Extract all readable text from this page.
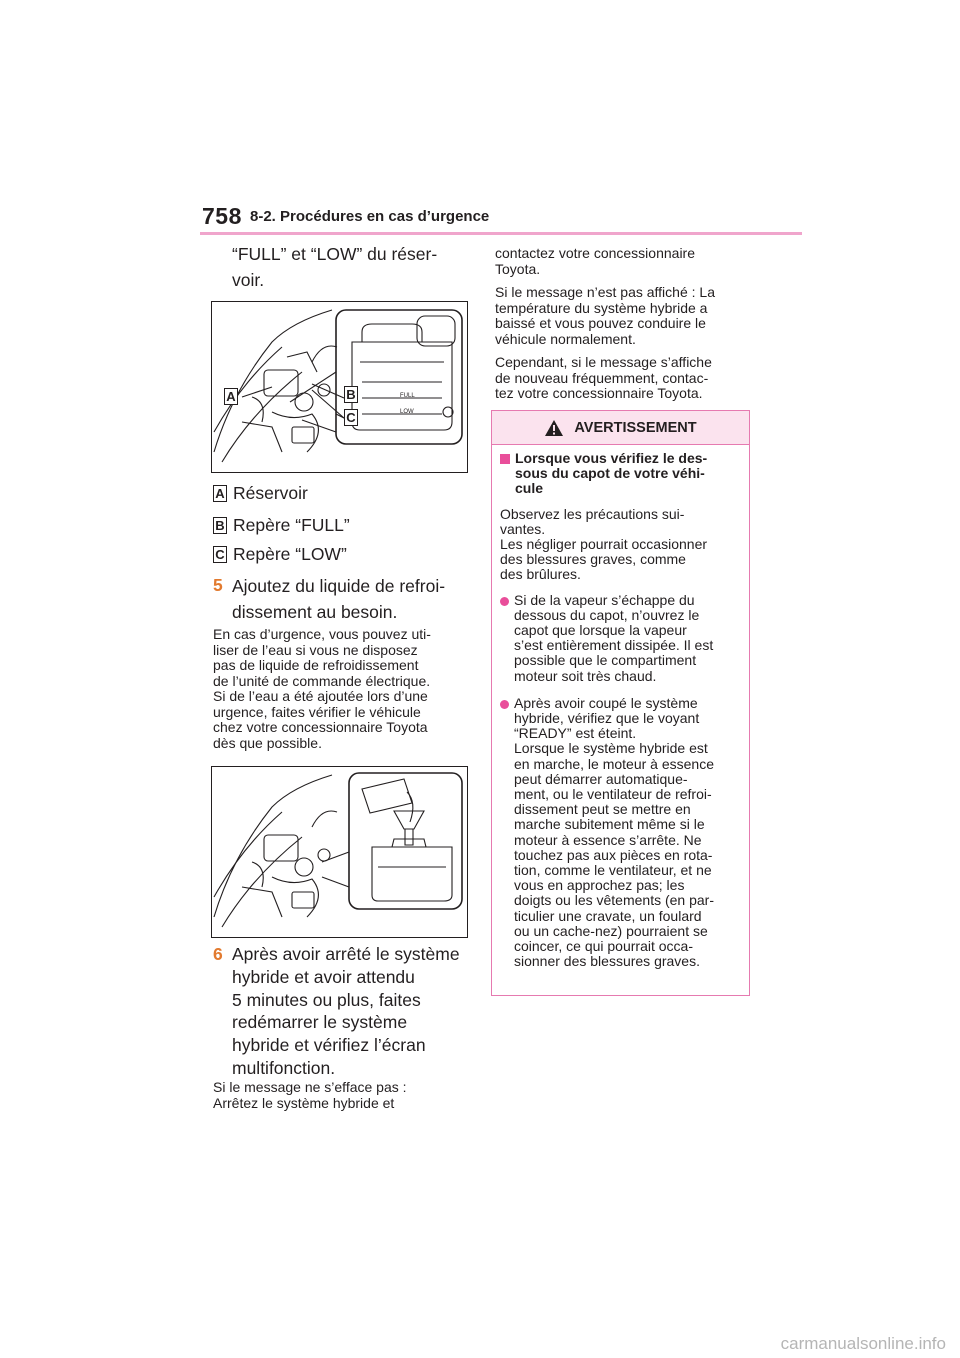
758 8-2. Procédures en cas d’urgence
“FULL” et “LOW” du réser-
voir.
FULL
LOW
A	B
C
A Réservoir
B Repère “FULL”
C Repère “LOW”
5 Ajoutez du liquide de refroi-
dissement au besoin.
En cas d’urgence, vous pouvez uti-
liser de l’eau si vous ne disposez
pas de liquide de refroidissement
de l’unité de commande électrique.
Si de l’eau a été ajoutée lors d’une
urgence, faites vérifier le véhicule
chez votre concessionnaire Toyota
dès que possible.
6 Après avoir arrêté le système
hybride et avoir attendu
5 minutes ou plus, faites
redémarrer le système
hybride et vérifiez l’écran
multifonction.
Si le message ne s’efface pas :
Arrêtez le système hybride et

contactez votre concessionnaire
Toyota.

Si le message n’est pas affiché : La
température du système hybride a
baissé et vous pouvez conduire le
véhicule normalement.

Cependant, si le message s’affiche
de nouveau fréquemment, contac-
tez votre concessionnaire Toyota.

AVERTISSEMENT
Lorsque vous vérifiez le des-
sous du capot de votre véhi-
cule

Observez les précautions sui-
vantes.
Les négliger pourrait occasionner
des blessures graves, comme
des brûlures.

Si de la vapeur s’échappe du
dessous du capot, n’ouvrez le
capot que lorsque la vapeur
s’est entièrement dissipée. Il est
possible que le compartiment
moteur soit très chaud.
Après avoir coupé le système
hybride, vérifiez que le voyant
“READY” est éteint.
Lorsque le système hybride est
en marche, le moteur à essence
peut démarrer automatique-
ment, ou le ventilateur de refroi-
dissement peut se mettre en
marche subitement même si le
moteur à essence s’arrête. Ne
touchez pas aux pièces en rota-
tion, comme le ventilateur, et ne
vous en approchez pas; les
doigts ou les vêtements (en par-
ticulier une cravate, un foulard
ou un cache-nez) pourraient se
coincer, ce qui pourrait occa-
sionner des blessures graves.
carmanualsonline.info
